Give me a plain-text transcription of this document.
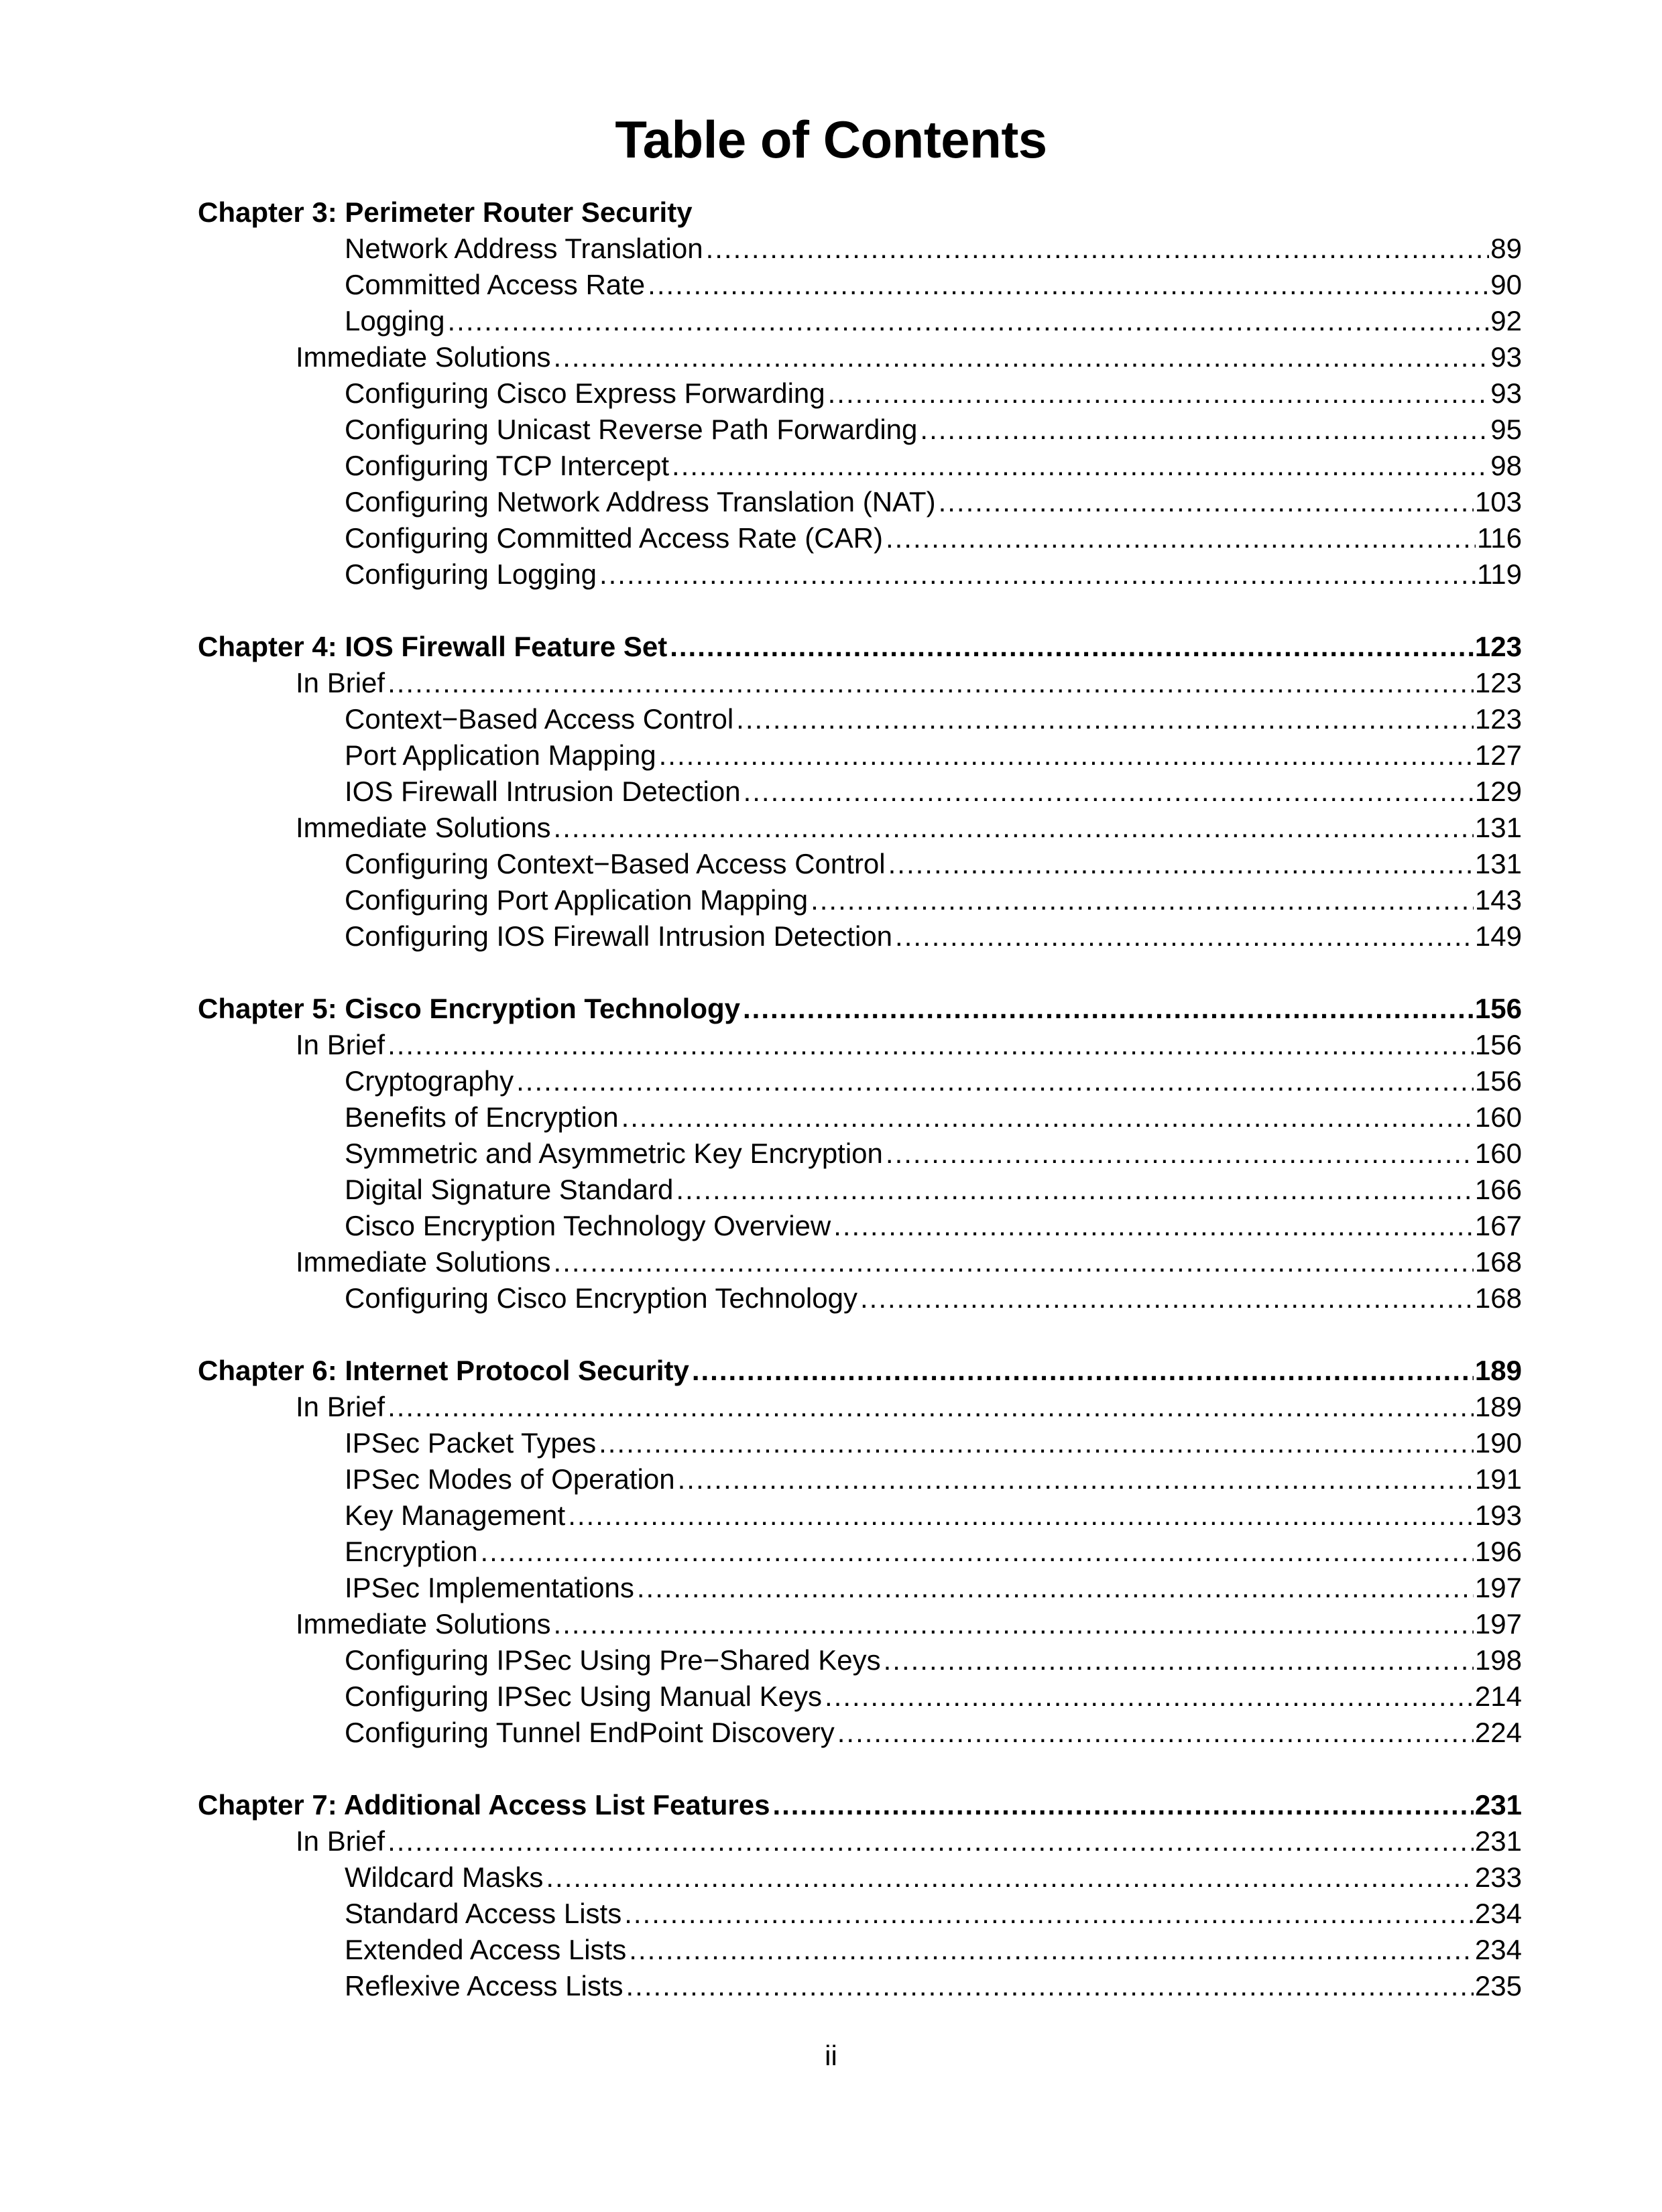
Table of Contents
Chapter 3: Perimeter Router Security
Network Address Translation .....	89
Committed Access Rate .....	90
Logging .....	92
Immediate Solutions .....	93
Configuring Cisco Express Forwarding .....	93
Configuring Unicast Reverse Path Forwarding .....	95
Configuring TCP Intercept .....	98
Configuring Network Address Translation (NAT) .....	103
Configuring Committed Access Rate (CAR) .....	116
Configuring Logging .....	119
Chapter 4: IOS Firewall Feature Set .....	123
In Brief .....	123
Context−Based Access Control .....	123
Port Application Mapping .....	127
IOS Firewall Intrusion Detection .....	129
Immediate Solutions .....	131
Configuring Context−Based Access Control .....	131
Configuring Port Application Mapping .....	143
Configuring IOS Firewall Intrusion Detection .....	149
Chapter 5: Cisco Encryption Technology .....	156
In Brief .....	156
Cryptography .....	156
Benefits of Encryption .....	160
Symmetric and Asymmetric Key Encryption .....	160
Digital Signature Standard .....	166
Cisco Encryption Technology Overview .....	167
Immediate Solutions .....	168
Configuring Cisco Encryption Technology .....	168
Chapter 6: Internet Protocol Security .....	189
In Brief .....	189
IPSec Packet Types .....	190
IPSec Modes of Operation .....	191
Key Management .....	193
Encryption .....	196
IPSec Implementations .....	197
Immediate Solutions .....	197
Configuring IPSec Using Pre−Shared Keys .....	198
Configuring IPSec Using Manual Keys .....	214
Configuring Tunnel EndPoint Discovery .....	224
Chapter 7: Additional Access List Features .....	231
In Brief .....	231
Wildcard Masks .....	233
Standard Access Lists .....	234
Extended Access Lists .....	234
Reflexive Access Lists .....	235
ii
